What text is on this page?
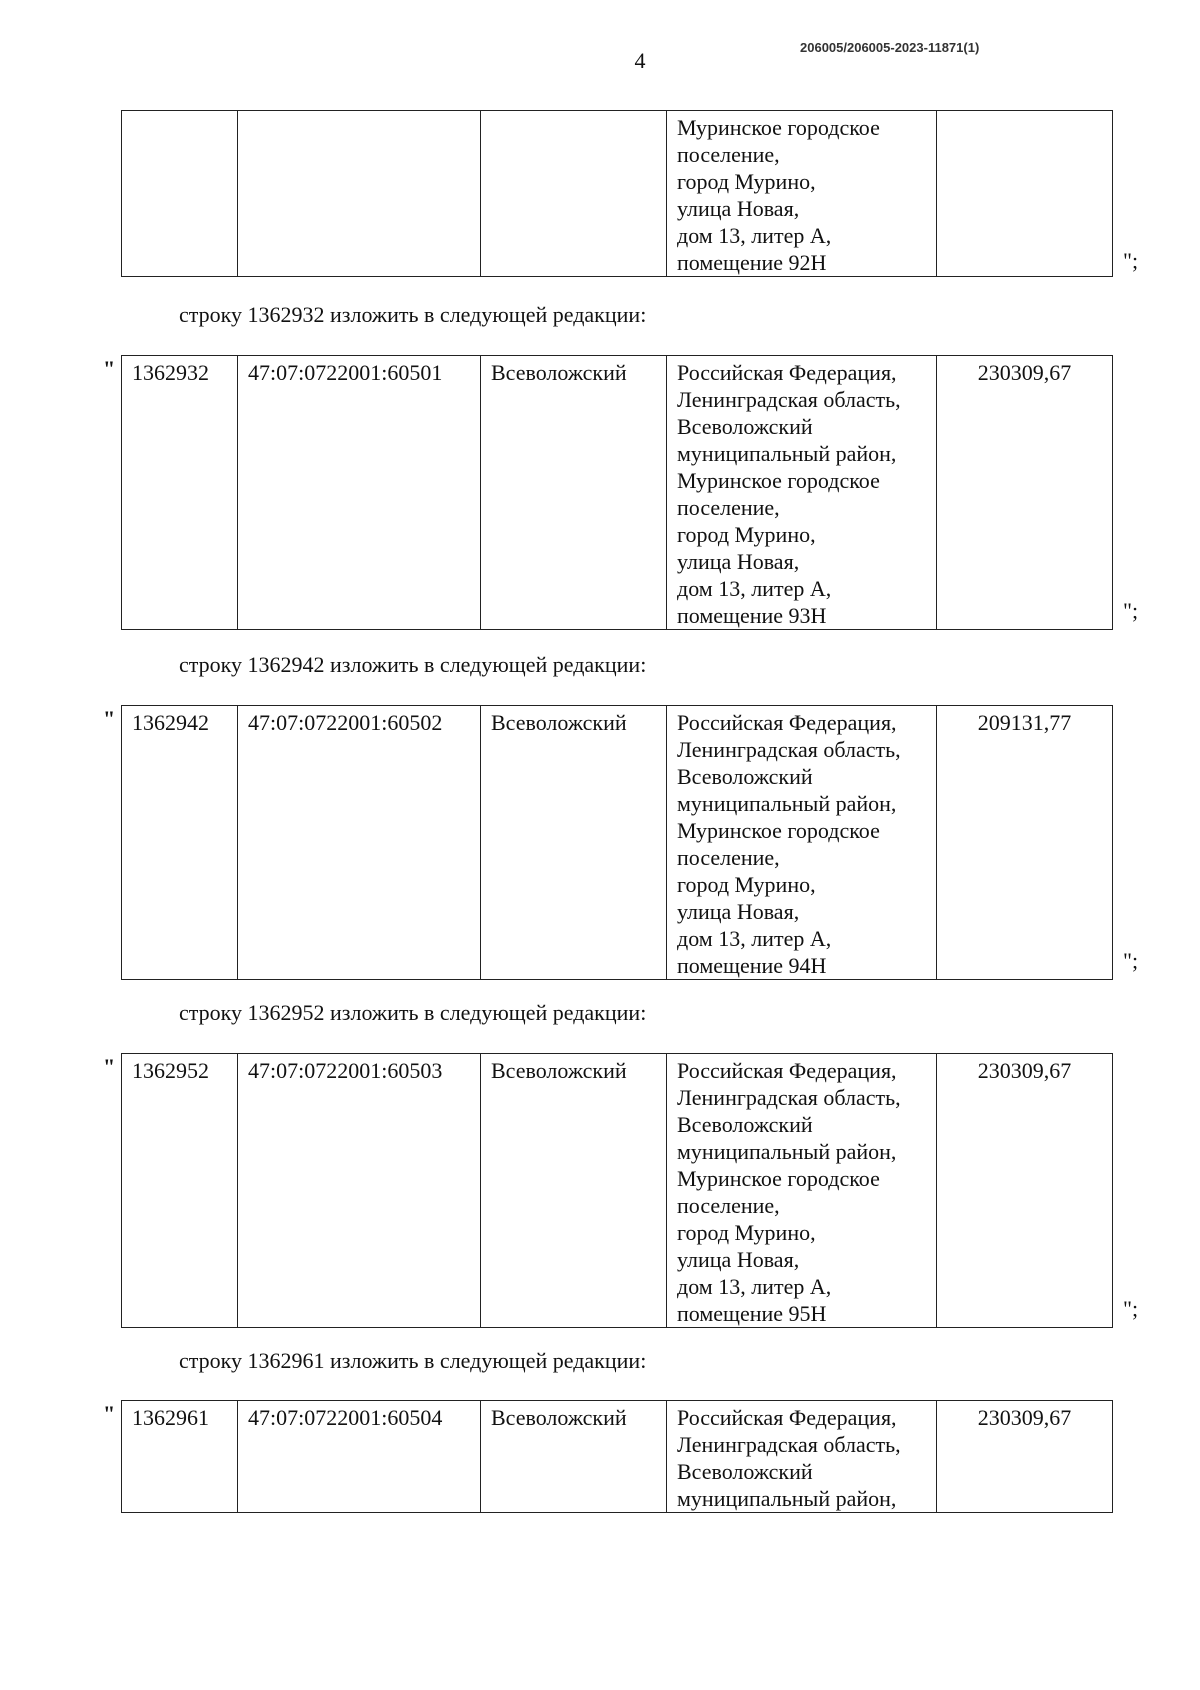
4
206005/206005-2023-11871(1)

Муринское городское
поселение,
город Мурино,
улица Новая,
дом 13, литер А,
помещение 92Н
		";
строку 1362932 изложить в следующей редакции:
" 1362932	47:07:0722001:60501	Всеволожский	Российская Федерация,
Ленинградская область,
Всеволожский
муниципальный район,
Муринское городское
поселение,
город Мурино,
улица Новая,
дом 13, литер А,
помещение 93Н
	230309,67
";
строку 1362942 изложить в следующей редакции:
" 1362942	47:07:0722001:60502	Всеволожский	Российская Федерация,
Ленинградская область,
Всеволожский
муниципальный район,
Муринское городское
поселение,
город Мурино,
улица Новая,
дом 13, литер А,
помещение 94Н
	209131,77
";
строку 1362952 изложить в следующей редакции:
" 1362952	47:07:0722001:60503	Всеволожский	Российская Федерация,
Ленинградская область,
Всеволожский
муниципальный район,
Муринское городское
поселение,
город Мурино,
улица Новая,
дом 13, литер А,
помещение 95Н
	230309,67
";
строку 1362961 изложить в следующей редакции:
" 1362961	47:07:0722001:60504	Всеволожский	Российская Федерация,
Ленинградская область,
Всеволожский
муниципальный район,
	230309,67
